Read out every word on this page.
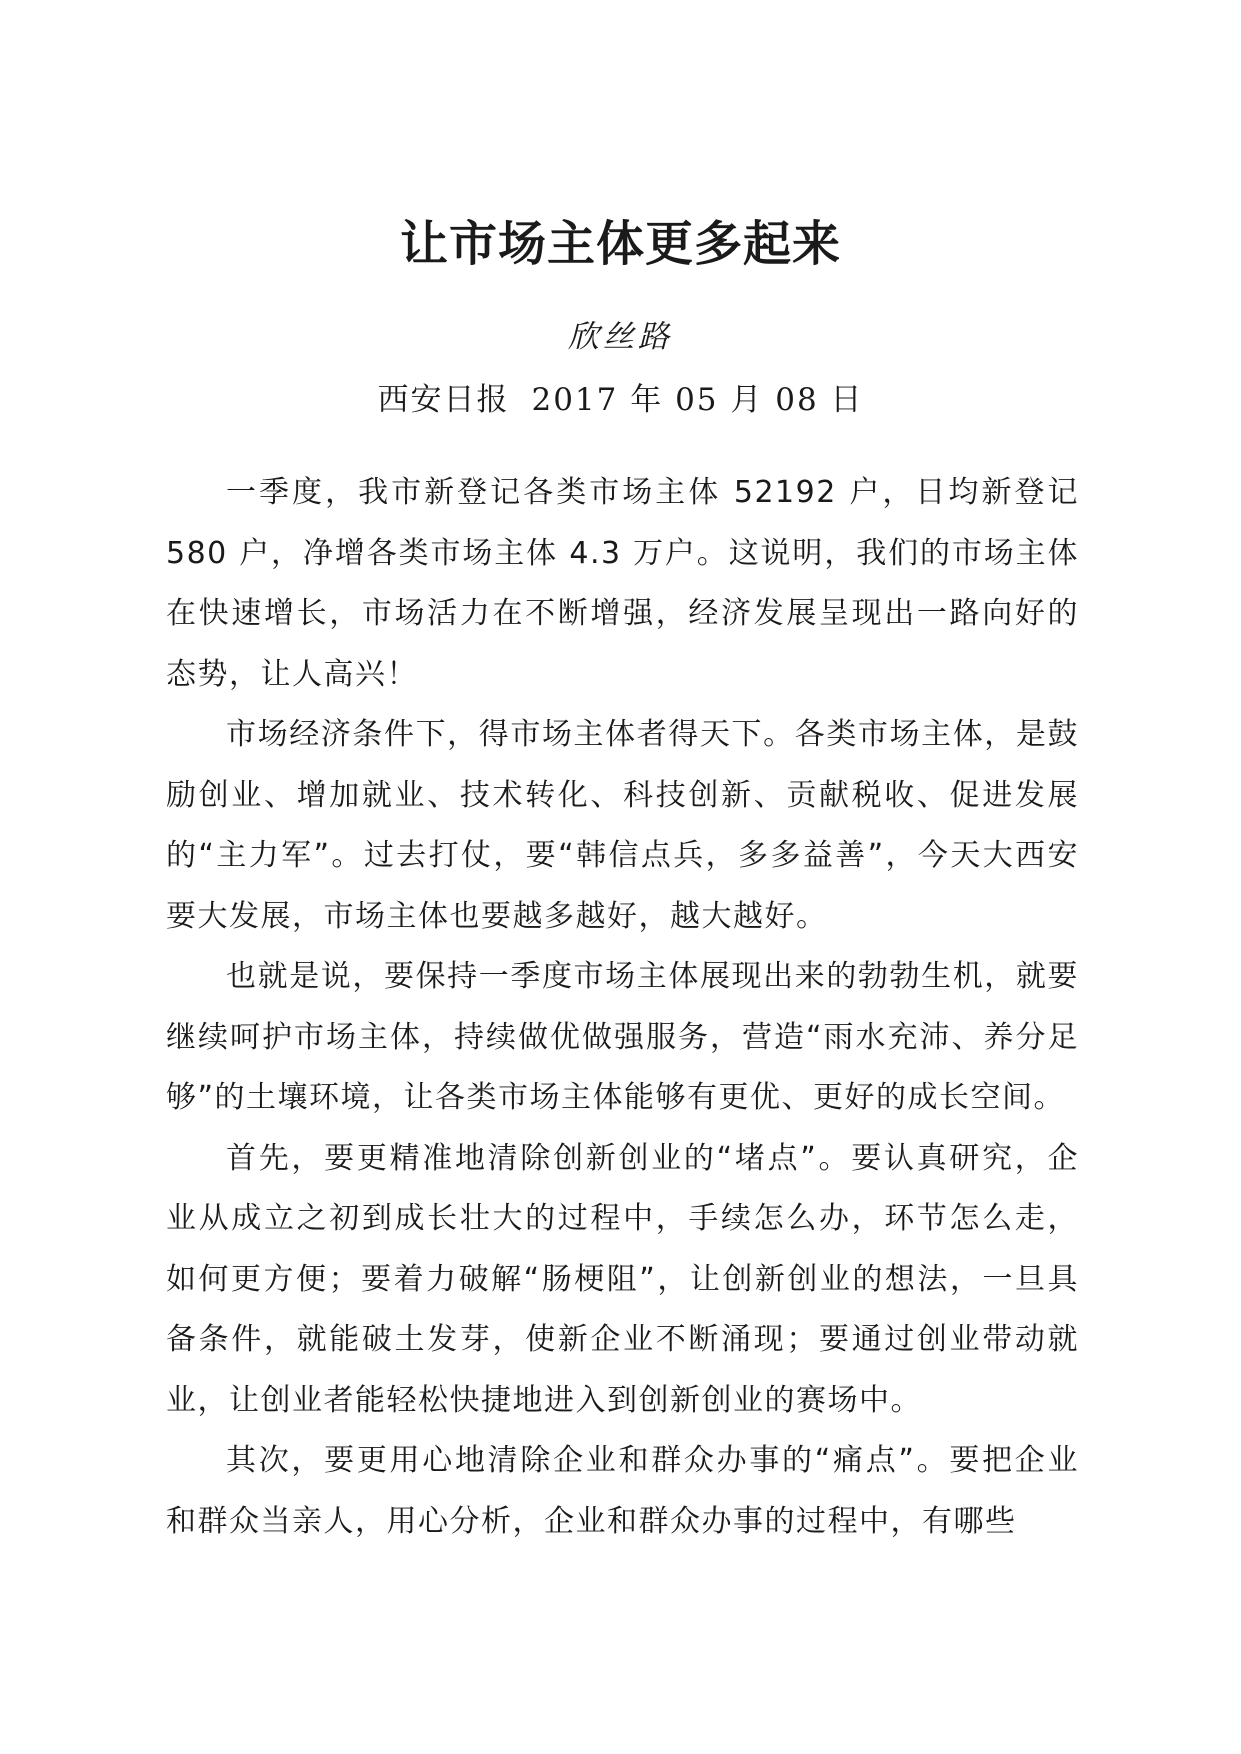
让市场主体更多起来
欣丝路
西安日报 2017 年 05 月 08 日

一季度，我市新登记各类市场主体 52192 户，日均新登记 580 户，净增各类市场主体 4.3 万户。这说明，我们的市场主体在快速增长，市场活力在不断增强，经济发展呈现出一路向好的态势，让人高兴！

市场经济条件下，得市场主体者得天下。各类市场主体，是鼓励创业、增加就业、技术转化、科技创新、贡献税收、促进发展的“主力军”。过去打仗，要“韩信点兵，多多益善”，今天大西安要大发展，市场主体也要越多越好，越大越好。

也就是说，要保持一季度市场主体展现出来的勃勃生机，就要继续呵护市场主体，持续做优做强服务，营造“雨水充沛、养分足够”的土壤环境，让各类市场主体能够有更优、更好的成长空间。

首先，要更精准地清除创新创业的“堵点”。要认真研究，企业从成立之初到成长壮大的过程中，手续怎么办，环节怎么走，如何更方便；要着力破解“肠梗阻”，让创新创业的想法，一旦具备条件，就能破土发芽，使新企业不断涌现；要通过创业带动就业，让创业者能轻松快捷地进入到创新创业的赛场中。

其次，要更用心地清除企业和群众办事的“痛点”。要把企业和群众当亲人，用心分析，企业和群众办事的过程中，有哪些
